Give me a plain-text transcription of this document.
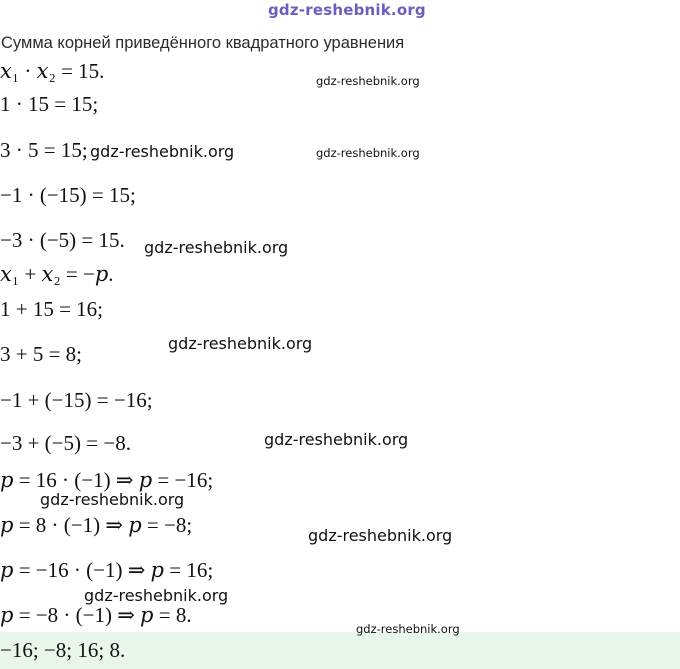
gdz-reshebnik.org
Сумма корней приведённого квадратного уравнения
𝑥₁ · 𝑥₂ = 15.
1 · 15 = 15;
3 · 5 = 15;
−1 · (−15) = 15;
−3 · (−5) = 15.
𝑥₁ + 𝑥₂ = −𝑝.
1 + 15 = 16;
3 + 5 = 8;
−1 + (−15) = −16;
−3 + (−5) = −8.
𝑝 = 16 · (−1) ⇒ 𝑝 = −16;
𝑝 = 8 · (−1) ⇒ 𝑝 = −8;
𝑝 = −16 · (−1) ⇒ 𝑝 = 16;
𝑝 = −8 · (−1) ⇒ 𝑝 = 8.
−16; −8; 16; 8.
gdz-reshebnik.org
gdz-reshebnik.org	gdz-reshebnik.org
gdz-reshebnik.org
gdz-reshebnik.org
gdz-reshebnik.org
gdz-reshebnik.org
gdz-reshebnik.org
gdz-reshebnik.org
gdz-reshebnik.org
